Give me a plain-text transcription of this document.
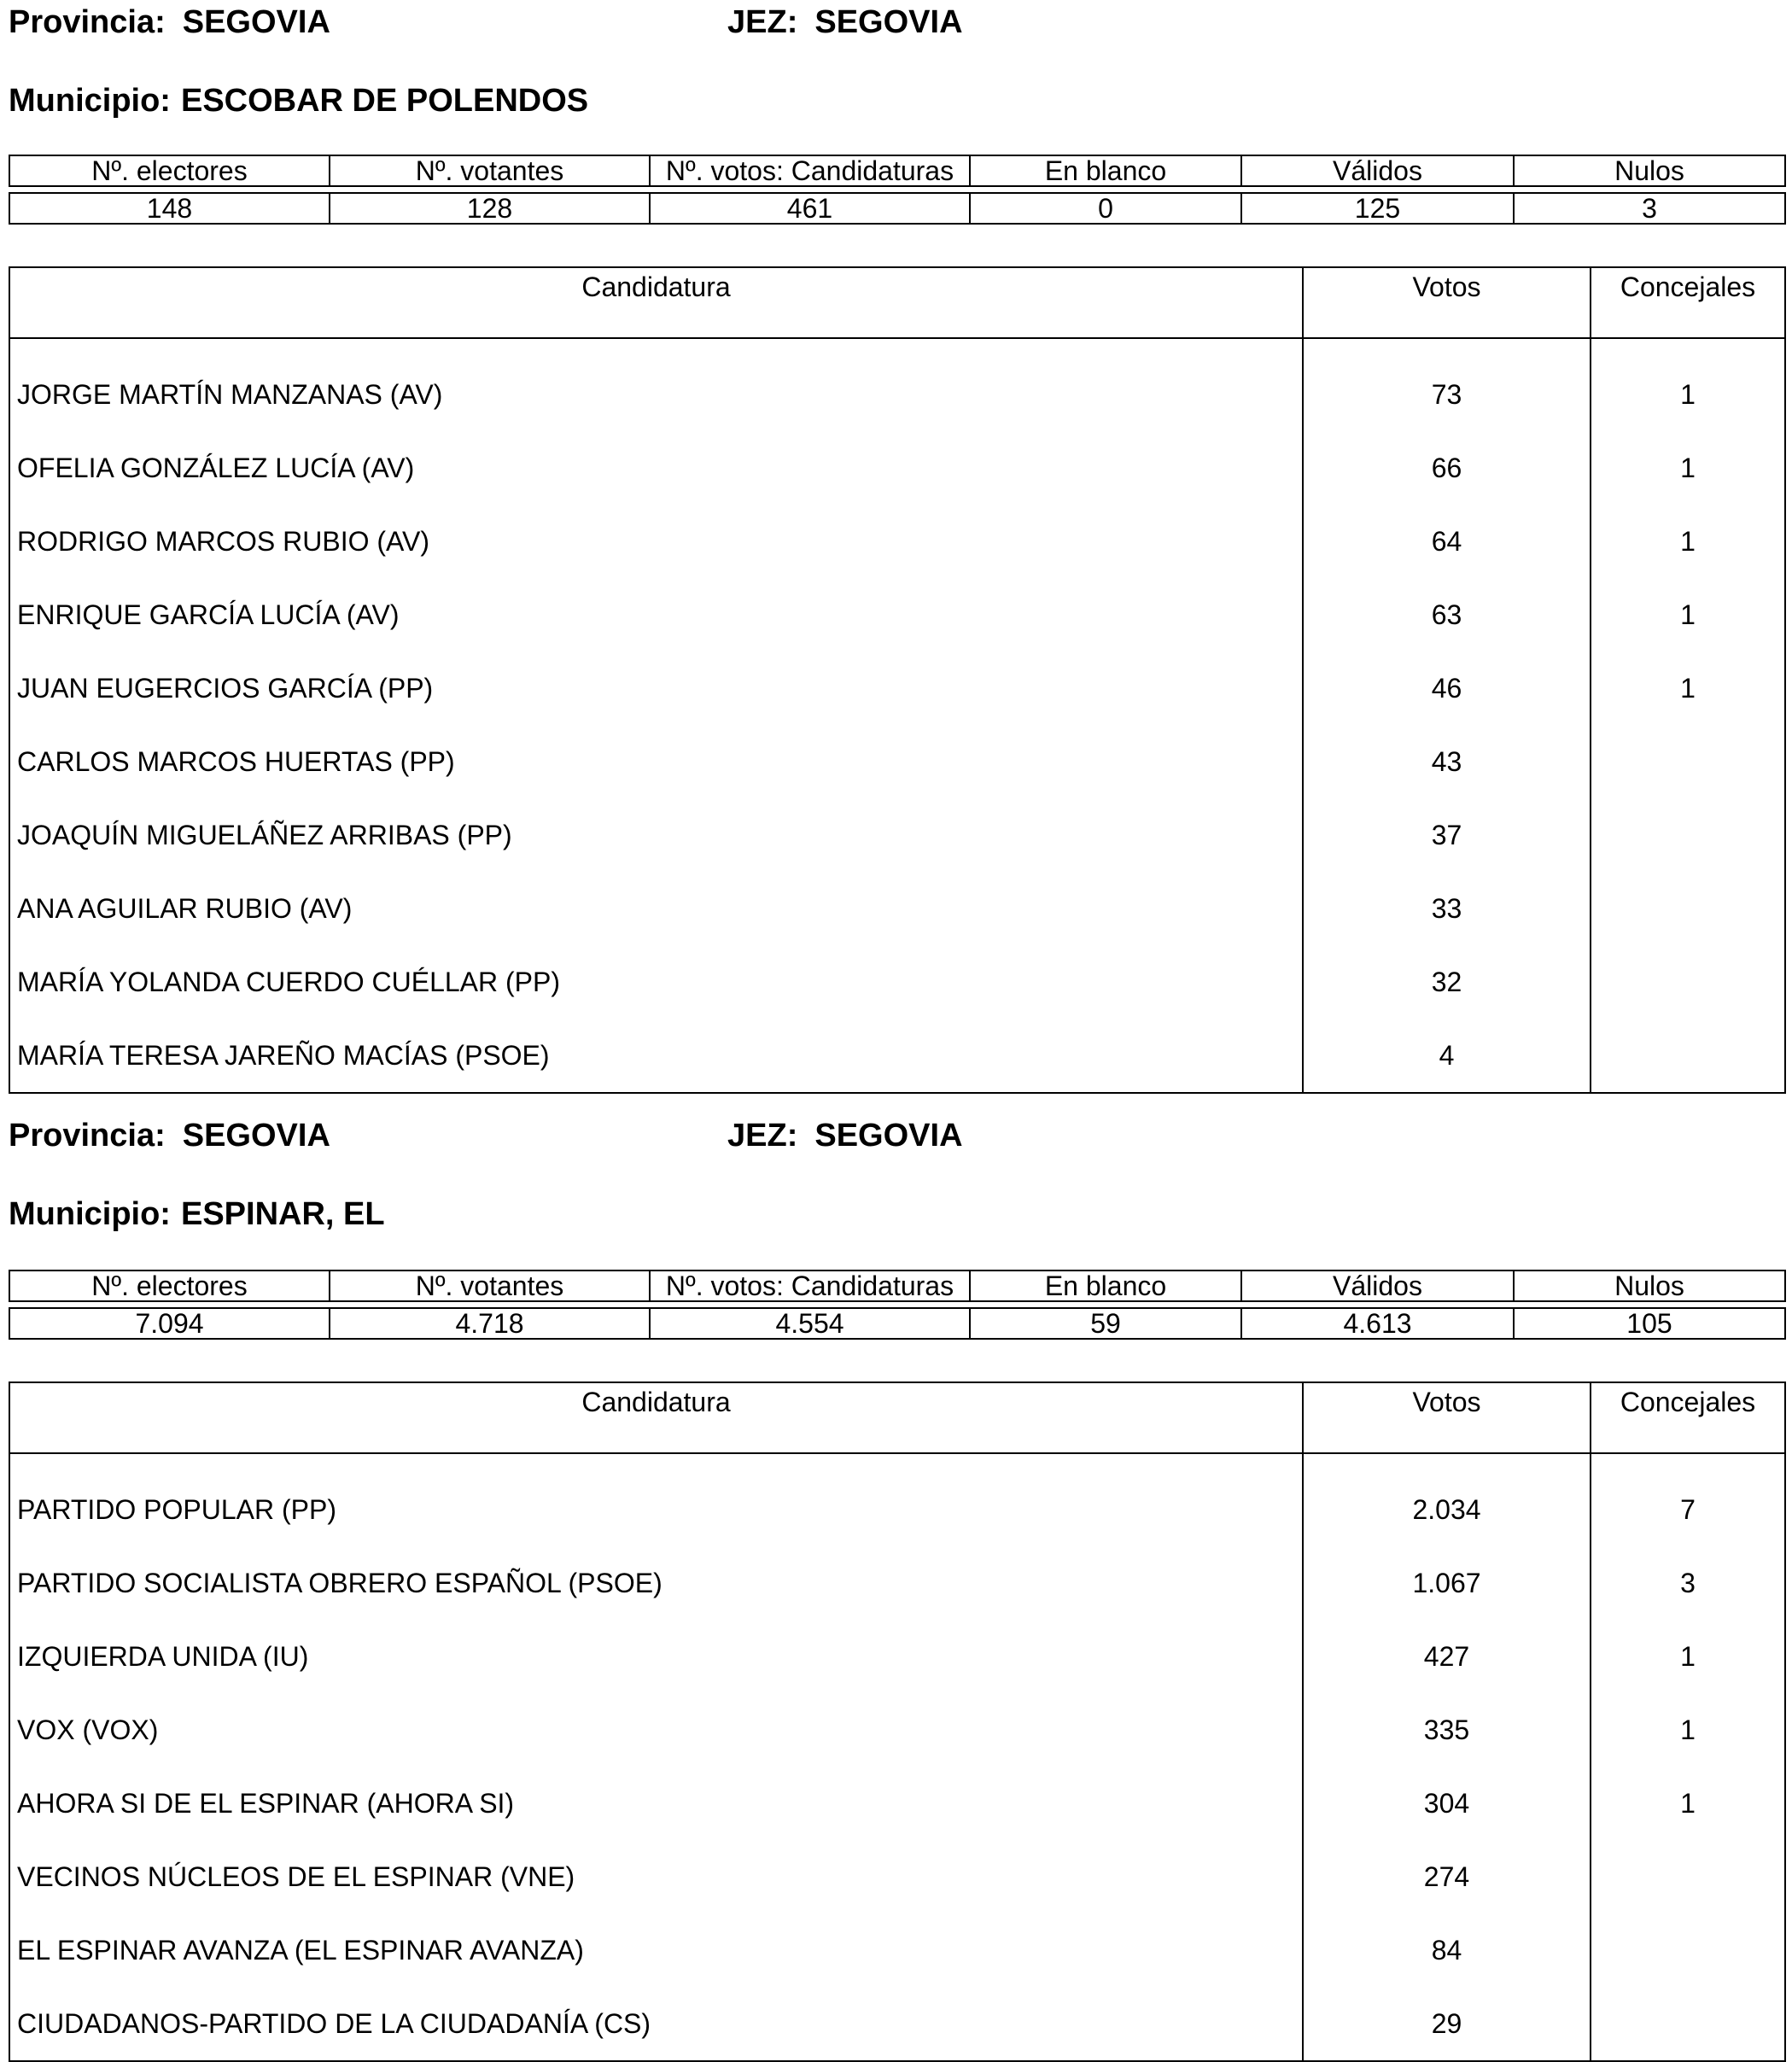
Provincia: SEGOVIA	JEZ: SEGOVIA
Municipio: ESCOBAR DE POLENDOS
Nº. electores	Nº. votantes	Nº. votos: Candidaturas	En blanco	Válidos	Nulos

148	128	461	0	125	3
Candidatura	Votos	Concejales

JORGE MARTÍN MANZANAS (AV)	73	1
OFELIA GONZÁLEZ LUCÍA (AV)	66	1
RODRIGO MARCOS RUBIO (AV)	64	1
ENRIQUE GARCÍA LUCÍA (AV)	63	1
JUAN EUGERCIOS GARCÍA (PP)	46	1
CARLOS MARCOS HUERTAS (PP)	43	
JOAQUÍN MIGUELÁÑEZ ARRIBAS (PP)	37	
ANA AGUILAR RUBIO (AV)	33	
MARÍA YOLANDA CUERDO CUÉLLAR (PP)	32	
MARÍA TERESA JAREÑO MACÍAS (PSOE)	4	
Provincia: SEGOVIA	JEZ: SEGOVIA
Municipio: ESPINAR, EL
Nº. electores	Nº. votantes	Nº. votos: Candidaturas	En blanco	Válidos	Nulos

7.094	4.718	4.554	59	4.613	105
Candidatura	Votos	Concejales

PARTIDO POPULAR (PP)	2.034	7
PARTIDO SOCIALISTA OBRERO ESPAÑOL (PSOE)	1.067	3
IZQUIERDA UNIDA (IU)	427	1
VOX (VOX)	335	1
AHORA SI DE EL ESPINAR (AHORA SI)	304	1
VECINOS NÚCLEOS DE EL ESPINAR (VNE)	274	
EL ESPINAR AVANZA (EL ESPINAR AVANZA)	84	
CIUDADANOS-PARTIDO DE LA CIUDADANÍA (CS)	29	
